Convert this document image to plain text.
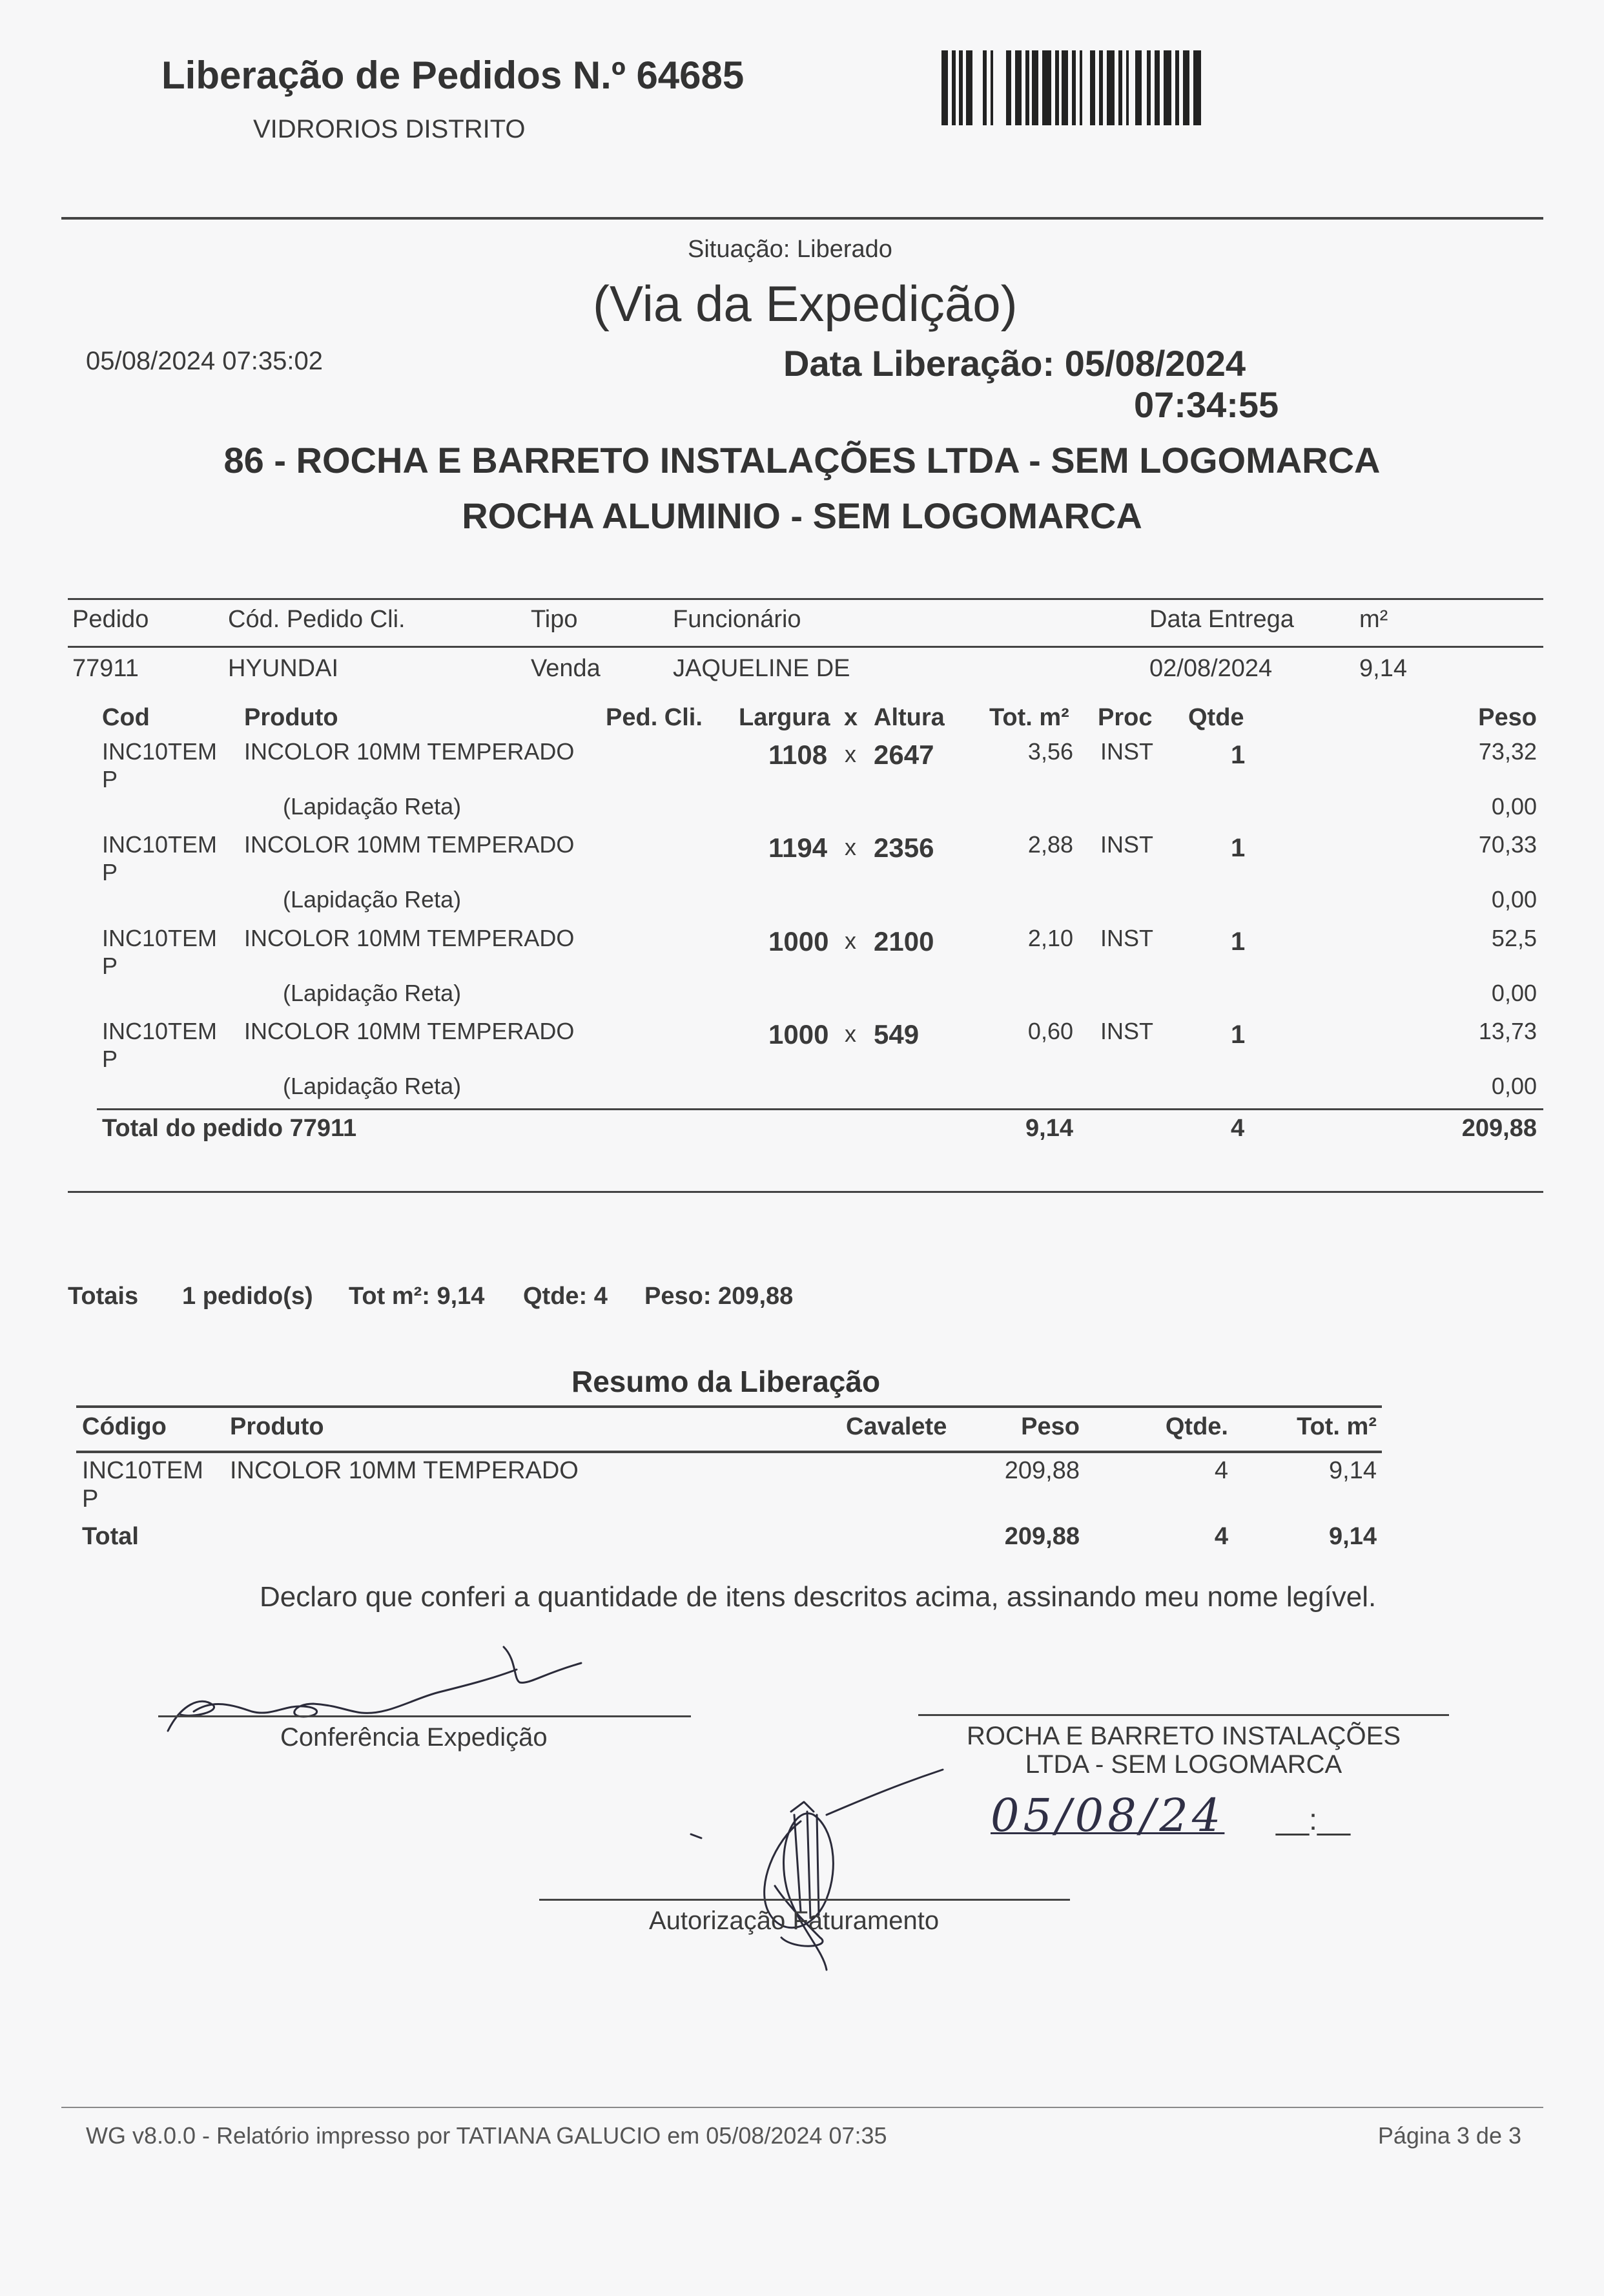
Liberação de Pedidos N.º 64685
VIDRORIOS DISTRITO
Situação: Liberado
(Via da Expedição)
05/08/2024 07:35:02	Data Liberação: 05/08/2024
07:34:55
86 - ROCHA E BARRETO INSTALAÇÕES LTDA - SEM LOGOMARCA
ROCHA ALUMINIO - SEM LOGOMARCA
Pedido	Cód. Pedido Cli.	Tipo	Funcionário	Data Entrega	m²
77911	HYUNDAI	Venda	JAQUELINE DE	02/08/2024	9,14
Cod	Produto	Ped. Cli. Largura x Altura Tot. m² Proc Qtde	Peso
INC10TEM
P
INCOLOR 10MM TEMPERADO	1108 x 2647	3,56 INST	1	73,32
(Lapidação Reta)	0,00
INC10TEM
P
INCOLOR 10MM TEMPERADO	1194 x 2356	2,88 INST	1	70,33
(Lapidação Reta)	0,00
INC10TEM
P
INCOLOR 10MM TEMPERADO	1000 x 2100	2,10 INST	1	52,5
(Lapidação Reta)	0,00
INC10TEM
P
INCOLOR 10MM TEMPERADO	1000 x 549	0,60 INST	1	13,73
(Lapidação Reta)	0,00
Total do pedido 77911	9,14	4	209,88
Totais 1 pedido(s) Tot m²: 9,14 Qtde: 4 Peso: 209,88
Resumo da Liberação
Código	Produto	Cavalete	Peso	Qtde.	Tot. m²
INC10TEM
P
INCOLOR 10MM TEMPERADO	209,88	4	9,14
Total	209,88	4	9,14
Declaro que conferi a quantidade de itens descritos acima, assinando meu nome legível.
Conferência Expedição	ROCHA E BARRETO INSTALAÇÕES
LTDA - SEM LOGOMARCA
05/08/24 __:__
Autorização Faturamento
WG v8.0.0 - Relatório impresso por TATIANA GALUCIO em 05/08/2024 07:35	Página 3 de 3
